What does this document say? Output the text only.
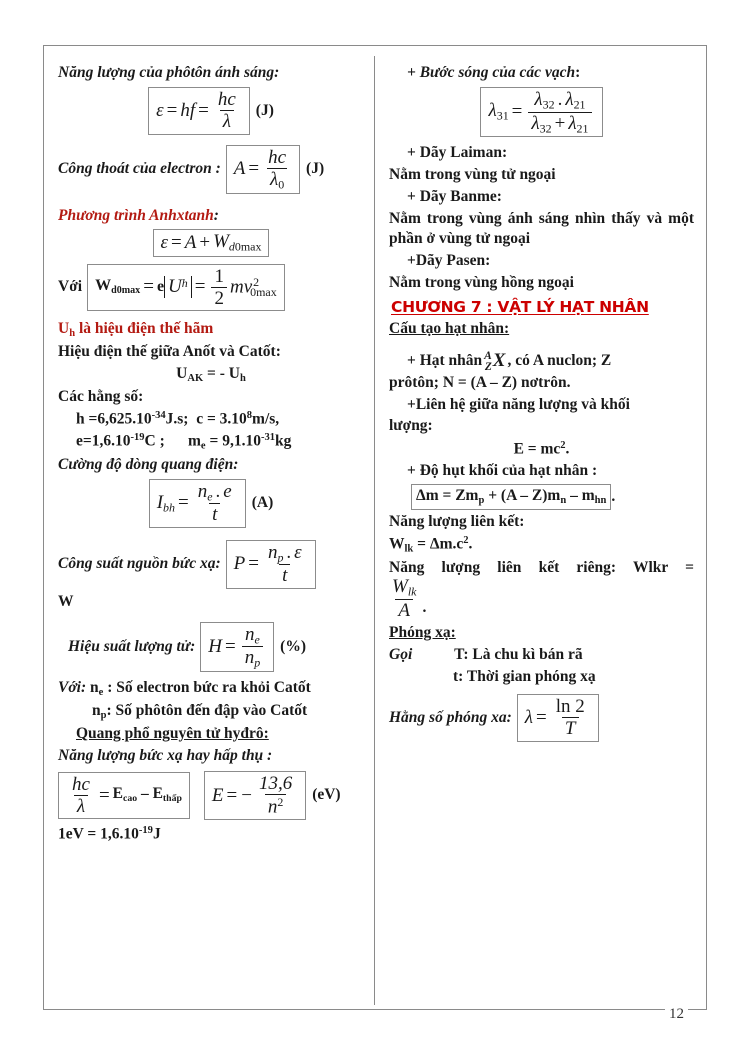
Năng lượng của phôtôn ánh sáng:
ε = hf = $\frac{hc}{\lambda}$	(J)
Công thoát của electron : $A = \frac{hc}{\lambda 0}$	(J)
Phương trình Anhxtanh:
ε = A + Wd0max
Với Wd0max = e U $h = \frac{1}{2} mv^20\max$
$U_h$ là hiệu điện thế hãm
Hiệu điện thế giữa Anốt và Catốt:
$U_{AK}$ = - $U_h$
Các hằng số:
$h =6,625.10^{-34}J.s$;  $c = 3.10^8m/s$,
$e=1,6.10^{-19}C$ ;      $m_e = 9,1.10^{-31}kg$
Cường độ dòng quang điện:
Ibh = $\frac{ne . e}{t}$	(A)
Công suất nguồn bức xạ: $P = \frac{np . \varepsilon}{t}$
W
Hiệu suất lượng tử: $H = \frac{ne}{np}$	(%)
Với: $n_e$ : Số electron bức ra khỏi Catốt
$n_p$: Số phôtôn đến đập vào Catốt
Quang phổ nguyên tử hyđrô:
Năng lượng bức xạ hay hấp thụ :
$\frac{hc}{\lambda}$ = Ecao – Ethấp E = − $\frac{13,6}{n^2}$	(eV)
$1eV = 1,6.10^{-19}J$
+ Bước sóng của các vạch:
$\lambda 31 = \frac{\lambda 32 . \lambda 21}{\lambda 32 + \lambda 21}$
+ Dãy Laiman:
Nằm trong vùng tử ngoại
+ Dãy Banme:
Nằm trong vùng ánh sáng nhìn thấy và một phần ở vùng tử ngoại
+Dãy Pasen:
Nằm trong vùng hồng ngoại
CHƯƠNG 7 : VẬT LÝ HẠT NHÂN
Cấu tạo hạt nhân:
+ Hạt nhân A
Z X , có A nuclon; Z
prôtôn; N = (A – Z) nơtrôn.
+Liên hệ giữa năng lượng và khối
lượng:
$E = mc^2$.
+ Độ hụt khối của hạt nhân :
$\Delta m = Zm_p + (A - Z)m_n - m_{hn}$ .
Năng lượng liên kết:
$W_{lk} = \Delta m.c^2$.
Năng lượng liên kết riêng: Wlkr =
$\frac{\text{Wlk}}{A}$ .
Phóng xạ:
Gọi	T: Là chu kì bán rã
t: Thời gian phóng xạ
Hằng số phóng xa: $\lambda = \frac{\ln 2}{T}$
12
